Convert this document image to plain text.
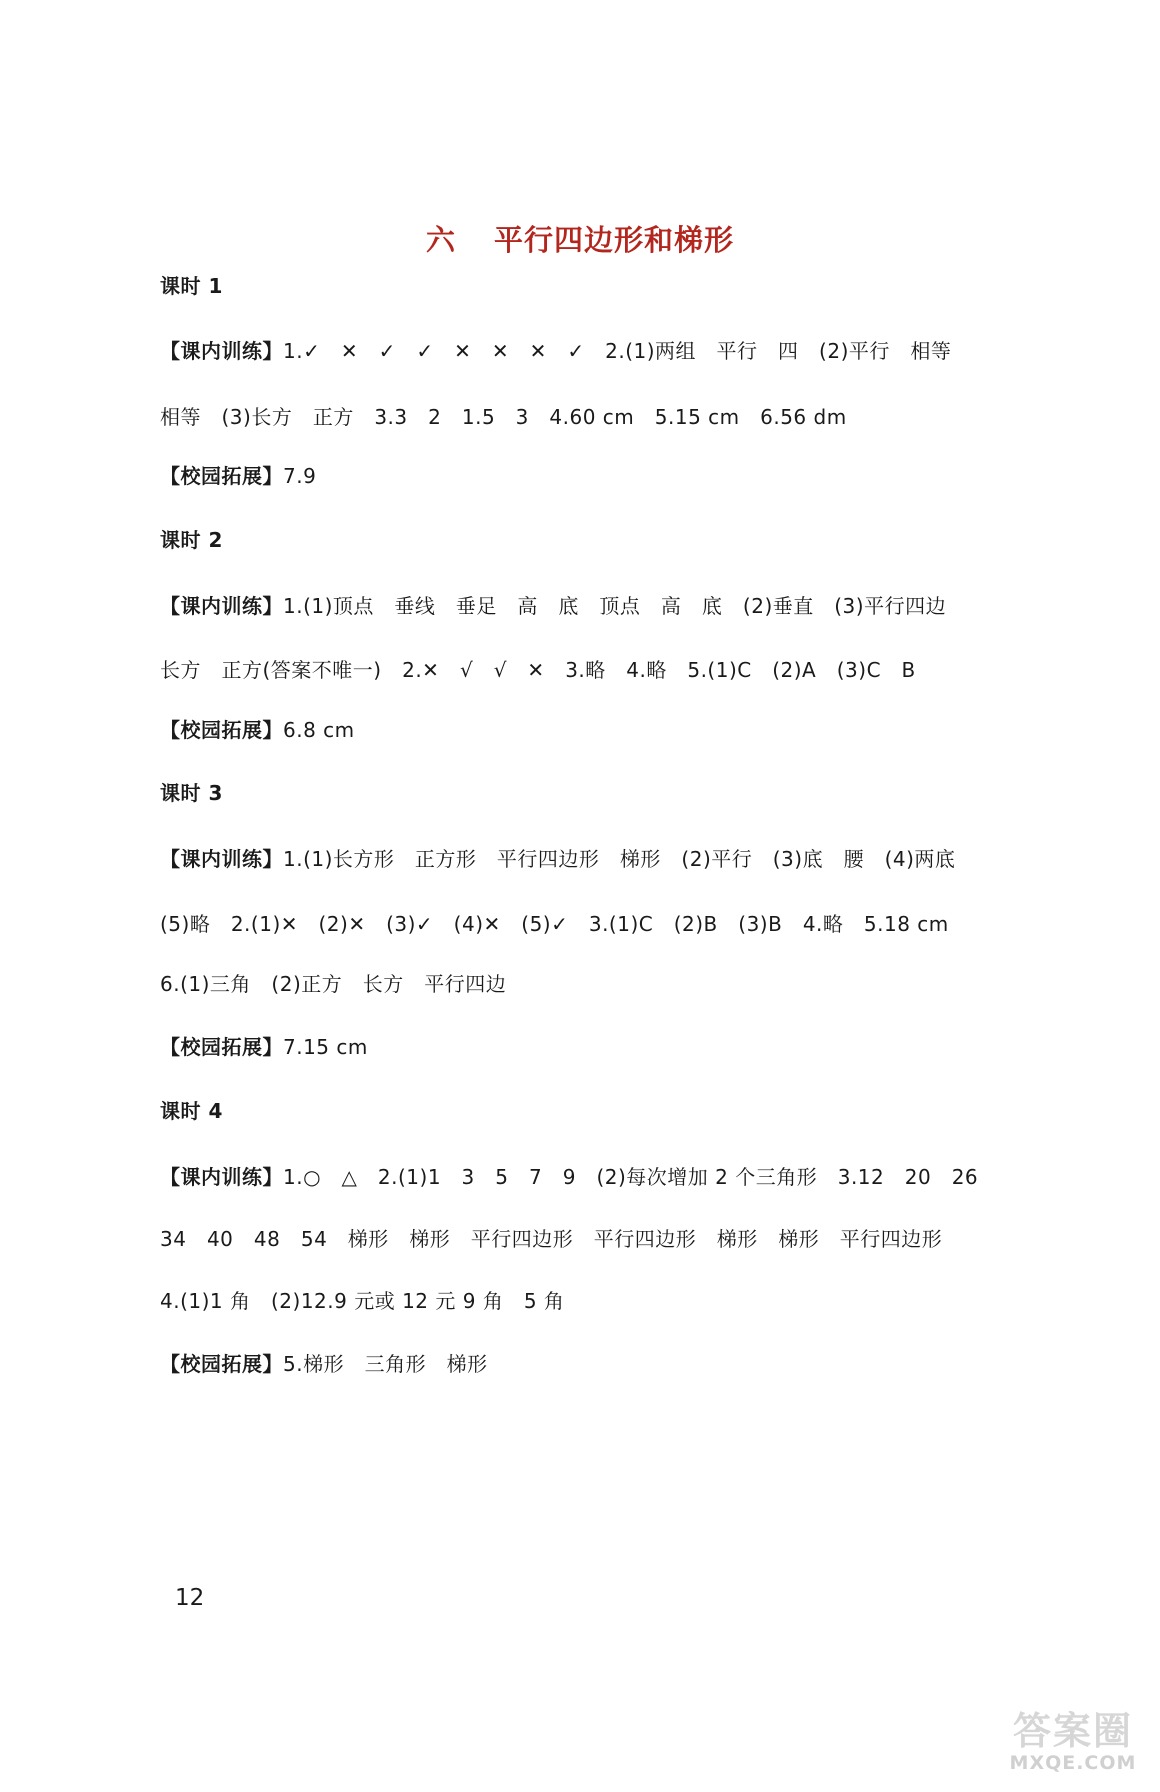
六 平行四边形和梯形
课时 1
【课内训练】1.✓　✕　✓　✓　✕　✕　✕　✓　2.(1)两组　平行　四　(2)平行　相等
相等　(3)长方　正方　3.3　2　1.5　3　4.60 cm　5.15 cm　6.56 dm
【校园拓展】7.9
课时 2
【课内训练】1.(1)顶点　垂线　垂足　高　底　顶点　高　底　(2)垂直　(3)平行四边
长方　正方(答案不唯一)　2.✕　√　√　✕　3.略　4.略　5.(1)C　(2)A　(3)C　B
【校园拓展】6.8 cm
课时 3
【课内训练】1.(1)长方形　正方形　平行四边形　梯形　(2)平行　(3)底　腰　(4)两底
(5)略　2.(1)✕　(2)✕　(3)✓　(4)✕　(5)✓　3.(1)C　(2)B　(3)B　4.略　5.18 cm
6.(1)三角　(2)正方　长方　平行四边
【校园拓展】7.15 cm
课时 4
【课内训练】1.○　△　2.(1)1　3　5　7　9　(2)每次增加 2 个三角形　3.12　20　26
34　40　48　54　梯形　梯形　平行四边形　平行四边形　梯形　梯形　平行四边形
4.(1)1 角　(2)12.9 元或 12 元 9 角　5 角
【校园拓展】5.梯形　三角形　梯形
12
答案圈
MXQE.COM
